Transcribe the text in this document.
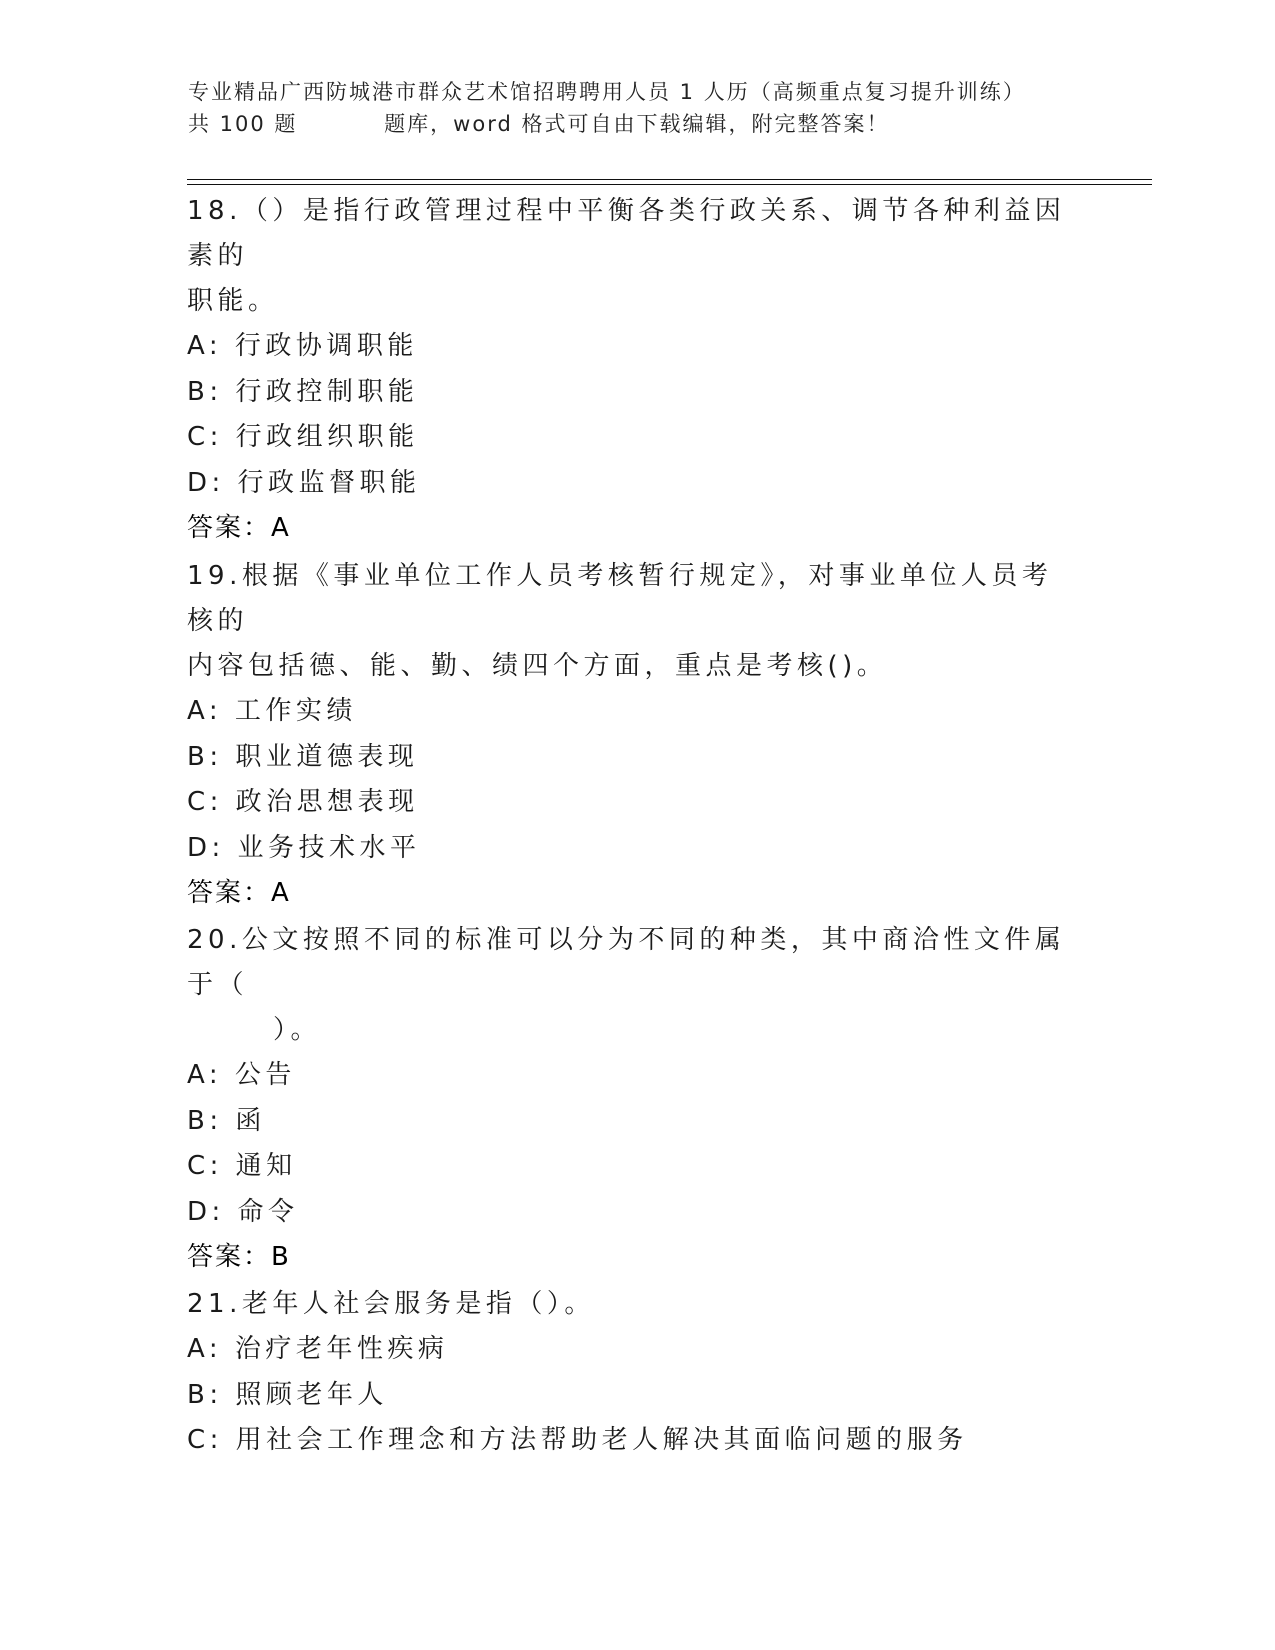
专业精品广西防城港市群众艺术馆招聘聘用人员 1 人历（高频重点复习提升训练）
共 100 题          题库，word 格式可自由下载编辑，附完整答案！

18.（）是指行政管理过程中平衡各类行政关系、调节各种利益因素的
职能。

A: 行政协调职能

B: 行政控制职能

C: 行政组织职能

D: 行政监督职能

答案：A

19.根据《事业单位工作人员考核暂行规定》，对事业单位人员考核的
内容包括德、能、勤、绩四个方面，重点是考核()。

A: 工作实绩

B: 职业道德表现

C: 政治思想表现

D: 业务技术水平

答案：A

20.公文按照不同的标准可以分为不同的种类，其中商洽性文件属于（
）。

A: 公告

B: 函

C: 通知

D: 命令

答案：B

21.老年人社会服务是指（）。

A: 治疗老年性疾病

B: 照顾老年人

C: 用社会工作理念和方法帮助老人解决其面临问题的服务
